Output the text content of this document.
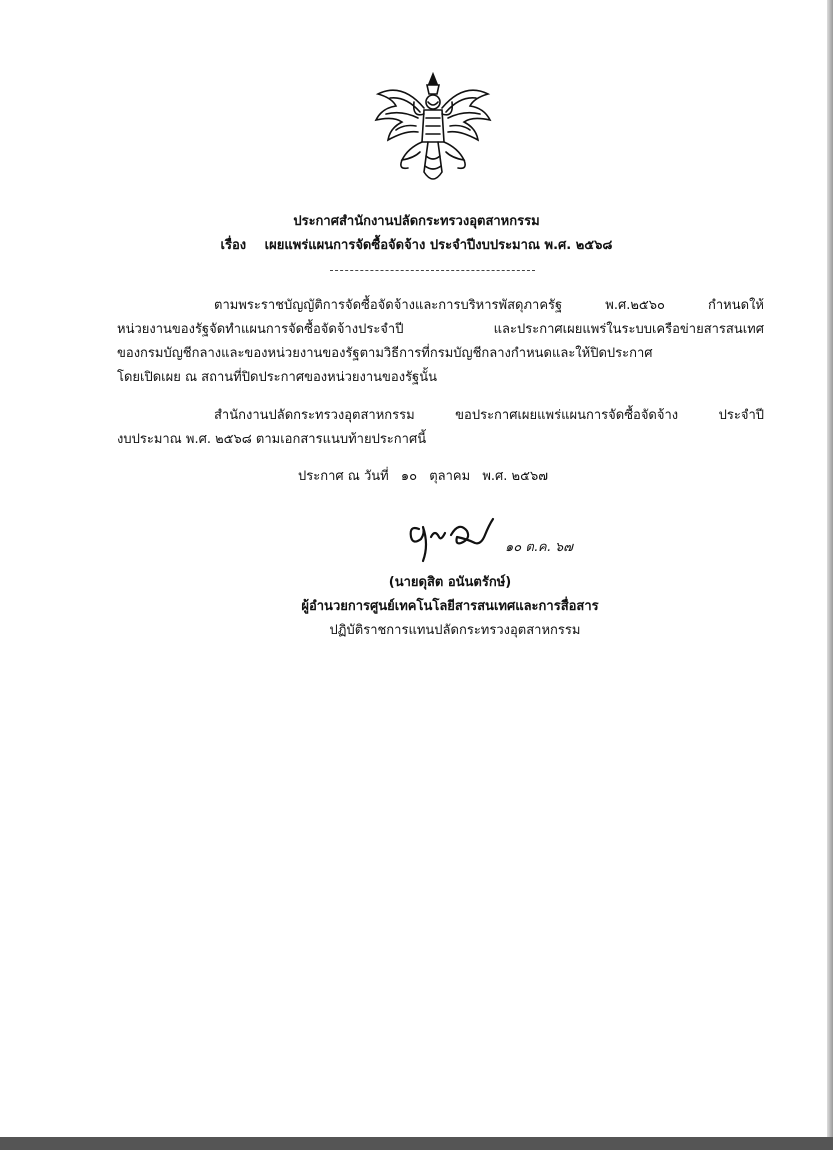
ประกาศสำนักงานปลัดกระทรวงอุตสาหกรรม
เรื่อง เผยแพร่แผนการจัดซื้อจัดจ้าง ประจำปีงบประมาณ พ.ศ. ๒๕๖๘
ตามพระราชบัญญัติการจัดซื้อจัดจ้างและการบริหารพัสดุภาครัฐ พ.ศ.๒๕๖๐ กำหนดให้
หน่วยงานของรัฐจัดทำแผนการจัดซื้อจัดจ้างประจำปี และประกาศเผยแพร่ในระบบเครือข่ายสารสนเทศ
ของกรมบัญชีกลางและของหน่วยงานของรัฐตามวิธีการที่กรมบัญชีกลางกำหนดและให้ปิดประกาศ
โดยเปิดเผย ณ สถานที่ปิดประกาศของหน่วยงานของรัฐนั้น
สำนักงานปลัดกระทรวงอุตสาหกรรม ขอประกาศเผยแพร่แผนการจัดซื้อจัดจ้าง ประจำปี
งบประมาณ พ.ศ. ๒๕๖๘ ตามเอกสารแนบท้ายประกาศนี้
ประกาศ ณ วันที่ ๑๐ ตุลาคม พ.ศ. ๒๕๖๗
๑๐ ต.ค. ๖๗
(นายดุสิต อนันตรักษ์)
ผู้อำนวยการศูนย์เทคโนโลยีสารสนเทศและการสื่อสาร
ปฏิบัติราชการแทนปลัดกระทรวงอุตสาหกรรม
